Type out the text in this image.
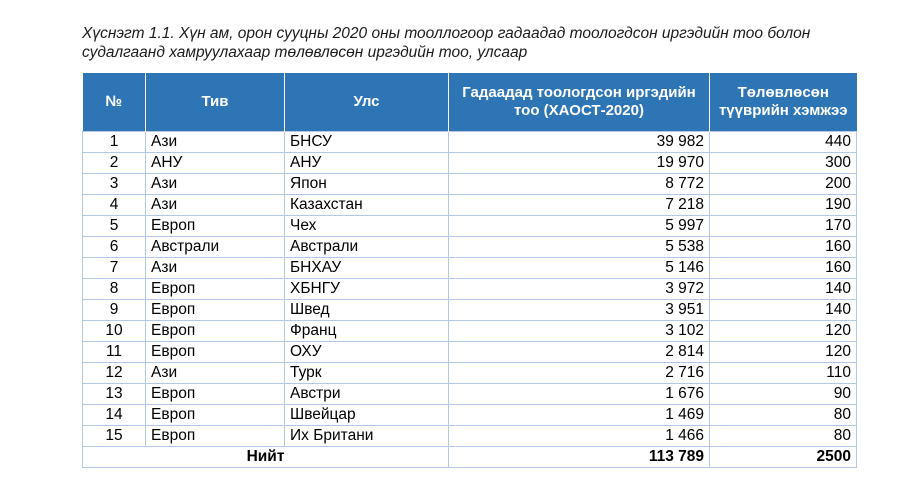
Хүснэгт 1.1. Хүн ам, орон сууцны 2020 оны тооллогоор гадаадад тоологдсон иргэдийн тоо болон судалгаанд хамруулахаар төлөвлөсөн иргэдийн тоо, улсаар
№	Тив	Улс	Гадаадад тоологдсон иргэдийн тоо (ХАОСТ-2020)	Төлөвлөсөн түүврийн хэмжээ
1	Ази	БНСУ	39 982	440
2	АНУ	АНУ	19 970	300
3	Ази	Япон	8 772	200
4	Ази	Казахстан	7 218	190
5	Европ	Чех	5 997	170
6	Австрали	Австрали	5 538	160
7	Ази	БНХАУ	5 146	160
8	Европ	ХБНГУ	3 972	140
9	Европ	Швед	3 951	140
10	Европ	Франц	3 102	120
11	Европ	ОХУ	2 814	120
12	Ази	Турк	2 716	110
13	Европ	Австри	1 676	90
14	Европ	Швейцар	1 469	80
15	Европ	Их Британи	1 466	80
Нийт			113 789	2500
